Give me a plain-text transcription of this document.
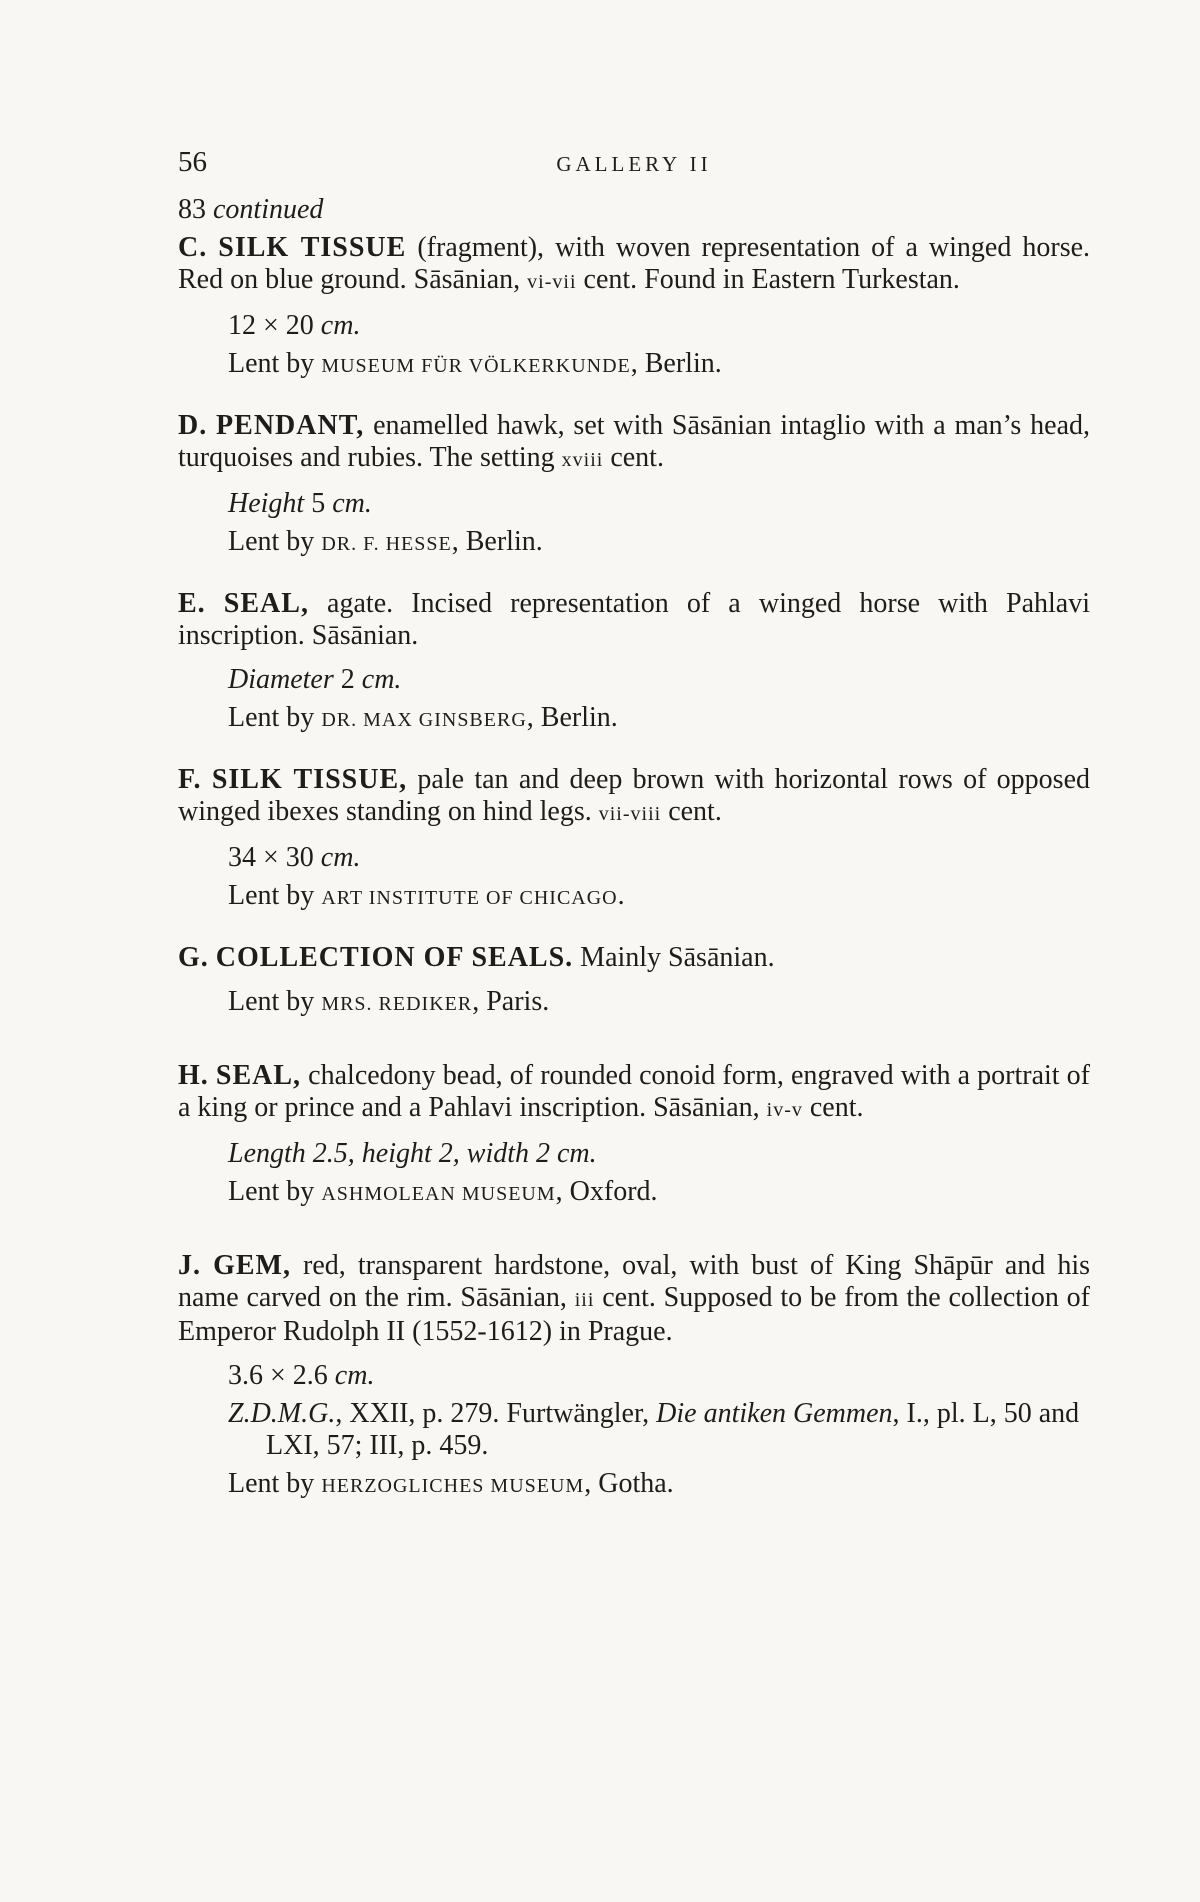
56	GALLERY II

83 continued

C. SILK TISSUE (fragment), with woven representation of a winged horse. Red on blue ground. Sāsānian, vi-vii cent. Found in Eastern Turkestan.

12 × 20 cm.

Lent by MUSEUM FÜR VÖLKERKUNDE, Berlin.

D. PENDANT, enamelled hawk, set with Sāsānian intaglio with a man’s head, turquoises and rubies. The setting xviii cent.

Height 5 cm.

Lent by DR. F. HESSE, Berlin.

E. SEAL, agate. Incised representation of a winged horse with Pahlavi inscription. Sāsānian.

Diameter 2 cm.

Lent by DR. MAX GINSBERG, Berlin.

F. SILK TISSUE, pale tan and deep brown with horizontal rows of opposed winged ibexes standing on hind legs. vii-viii cent.

34 × 30 cm.

Lent by ART INSTITUTE OF CHICAGO.

G. COLLECTION OF SEALS. Mainly Sāsānian.

Lent by MRS. REDIKER, Paris.

H. SEAL, chalcedony bead, of rounded conoid form, engraved with a portrait of a king or prince and a Pahlavi inscription. Sāsānian, iv-v cent.

Length 2.5, height 2, width 2 cm.

Lent by ASHMOLEAN MUSEUM, Oxford.

J. GEM, red, transparent hardstone, oval, with bust of King Shāpūr and his name carved on the rim. Sāsānian, iii cent. Supposed to be from the collection of Emperor Rudolph II (1552-1612) in Prague.

3.6 × 2.6 cm.

Z.D.M.G., XXII, p. 279. Furtwängler, Die antiken Gemmen, I., pl. L, 50 and LXI, 57; III, p. 459.

Lent by HERZOGLICHES MUSEUM, Gotha.
